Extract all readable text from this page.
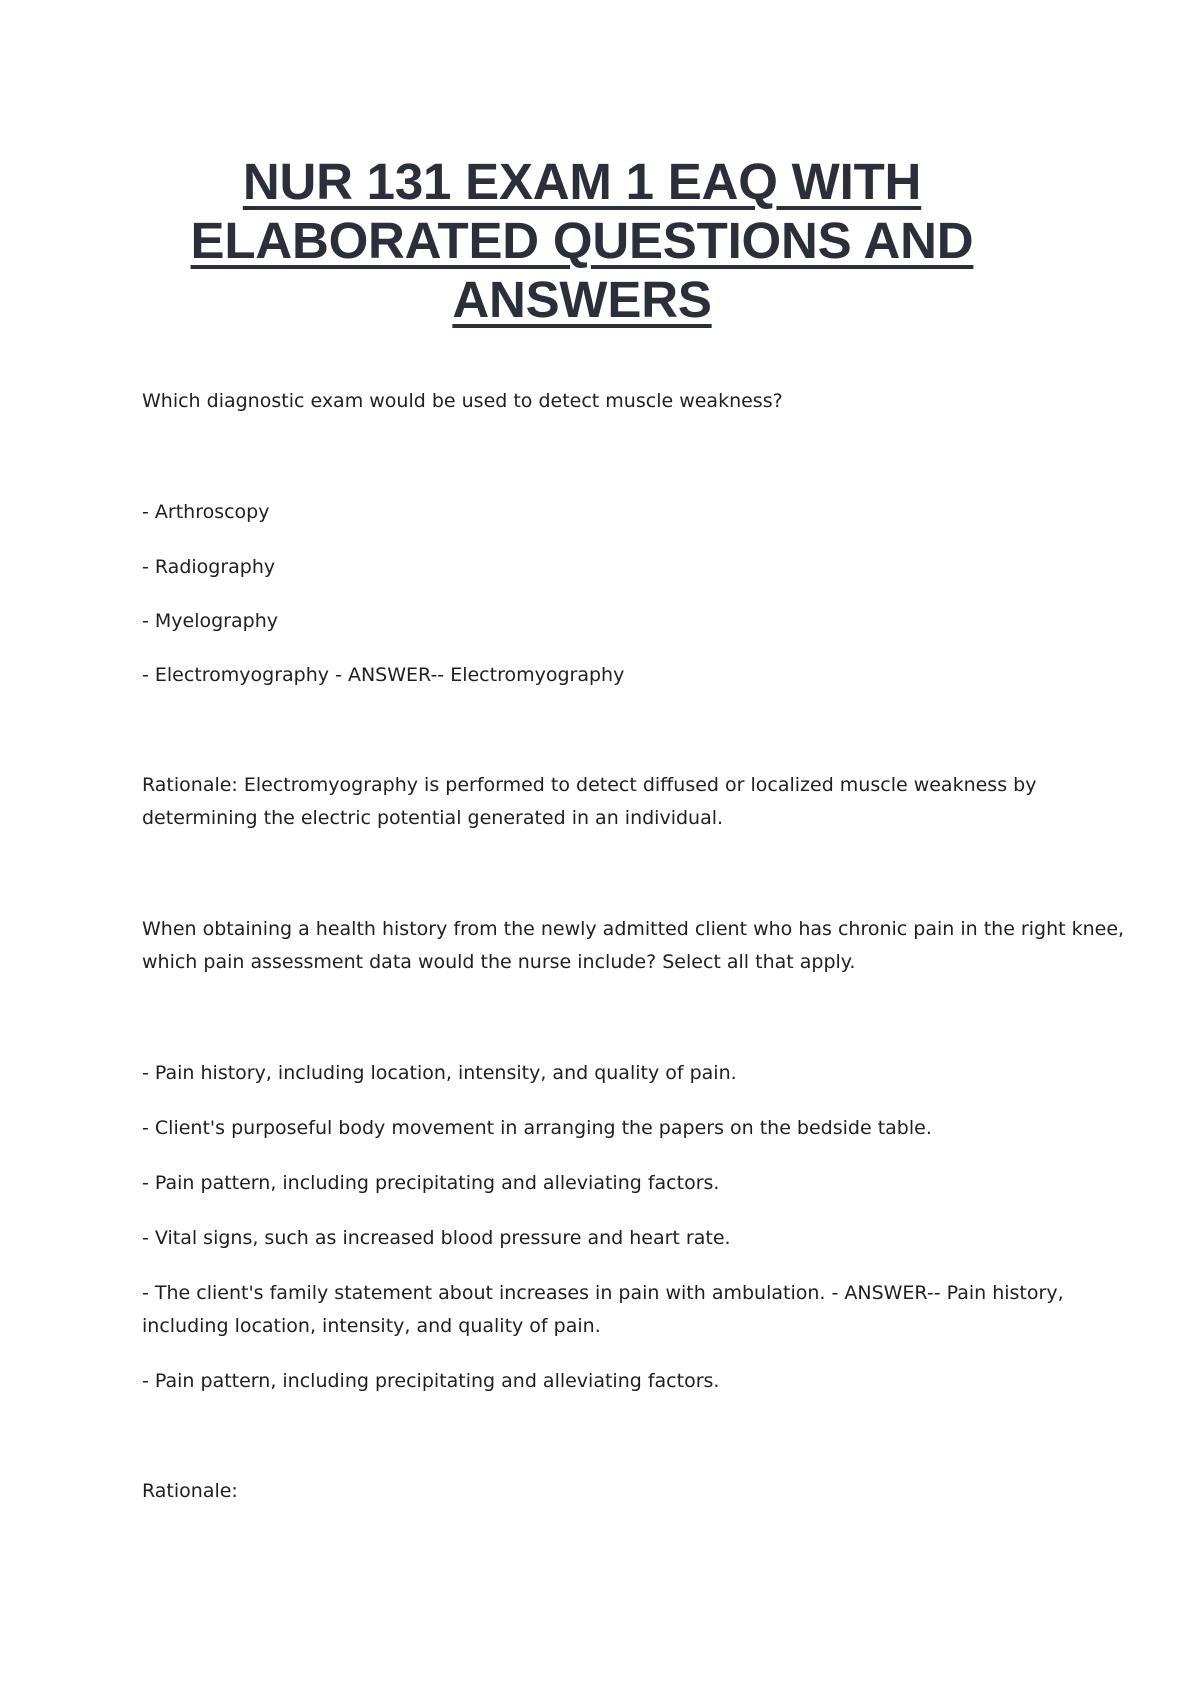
NUR 131 EXAM 1 EAQ WITH
ELABORATED QUESTIONS AND
ANSWERS

Which diagnostic exam would be used to detect muscle weakness?

- Arthroscopy

- Radiography

- Myelography

- Electromyography - ANSWER-- Electromyography

Rationale: Electromyography is performed to detect diffused or localized muscle weakness by

determining the electric potential generated in an individual.

When obtaining a health history from the newly admitted client who has chronic pain in the right knee,

which pain assessment data would the nurse include? Select all that apply.

- Pain history, including location, intensity, and quality of pain.

- Client's purposeful body movement in arranging the papers on the bedside table.

- Pain pattern, including precipitating and alleviating factors.

- Vital signs, such as increased blood pressure and heart rate.

- The client's family statement about increases in pain with ambulation. - ANSWER-- Pain history,

including location, intensity, and quality of pain.

- Pain pattern, including precipitating and alleviating factors.

Rationale:
